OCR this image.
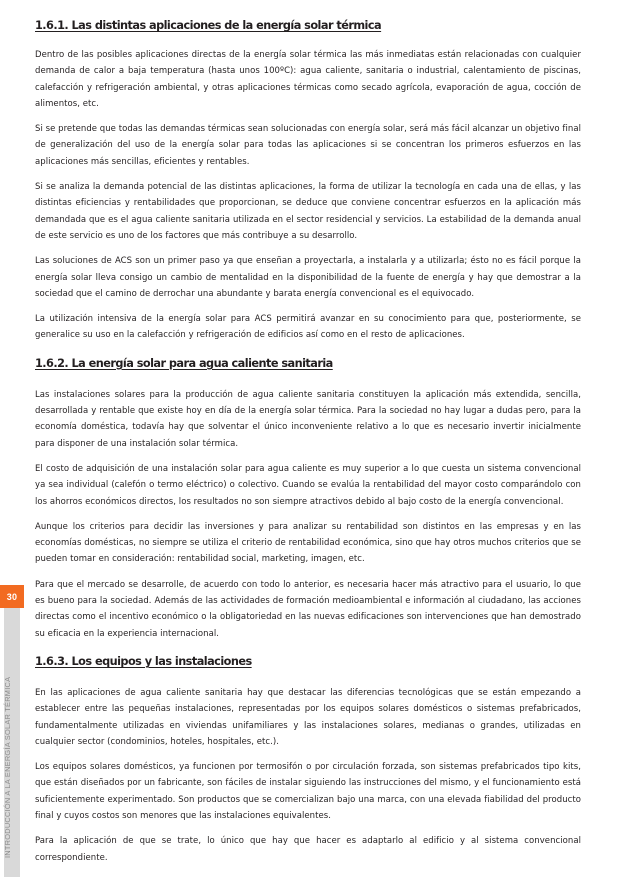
30
INTRODUCCIÓN A LA ENERGÍA SOLAR TÉRMICA
1.6.1. Las distintas aplicaciones de la energía solar térmica

Dentro de las posibles aplicaciones directas de la energía solar térmica las más inmediatas están relacionadas con cualquier demanda de calor a baja temperatura (hasta unos 100ºC): agua caliente, sanitaria o industrial, calentamiento de piscinas, calefacción y refrigeración ambiental, y otras aplicaciones térmicas como secado agrícola, evaporación de agua, cocción de alimentos, etc.

Si se pretende que todas las demandas térmicas sean solucionadas con energía solar, será más fácil alcanzar un objetivo final de generalización del uso de la energía solar para todas las aplicaciones si se concentran los primeros esfuerzos en las aplicaciones más sencillas, eficientes y rentables.

Si se analiza la demanda potencial de las distintas aplicaciones, la forma de utilizar la tecnología en cada una de ellas, y las distintas eficiencias y rentabilidades que proporcionan, se deduce que conviene concentrar esfuerzos en la aplicación más demandada que es el agua caliente sanitaria utilizada en el sector residencial y servicios. La estabilidad de la demanda anual de este servicio es uno de los factores que más contribuye a su desarrollo.

Las soluciones de ACS son un primer paso ya que enseñan a proyectarla, a instalarla y a utilizarla; ésto no es fácil porque la energía solar lleva consigo un cambio de mentalidad en la disponibilidad de la fuente de energía y hay que demostrar a la sociedad que el camino de derrochar una abundante y barata energía convencional es el equivocado.

La utilización intensiva de la energía solar para ACS permitirá avanzar en su conocimiento para que, posteriormente, se generalice su uso en la calefacción y refrigeración de edificios así como en el resto de aplicaciones.

1.6.2. La energía solar para agua caliente sanitaria

Las instalaciones solares para la producción de agua caliente sanitaria constituyen la aplicación más extendida, sencilla, desarrollada y rentable que existe hoy en día de la energía solar térmica. Para la sociedad no hay lugar a dudas pero, para la economía doméstica, todavía hay que solventar el único inconveniente relativo a lo que es necesario invertir inicialmente para disponer de una instalación solar térmica.

El costo de adquisición de una instalación solar para agua caliente es muy superior a lo que cuesta un sistema convencional ya sea individual (calefón o termo eléctrico) o colectivo. Cuando se evalúa la rentabilidad del mayor costo comparándolo con los ahorros económicos directos, los resultados no son siempre atractivos debido al bajo costo de la energía convencional.

Aunque los criterios para decidir las inversiones y para analizar su rentabilidad son distintos en las empresas y en las economías domésticas, no siempre se utiliza el criterio de rentabilidad económica, sino que hay otros muchos criterios que se pueden tomar en consideración: rentabilidad social, marketing, imagen, etc.

Para que el mercado se desarrolle, de acuerdo con todo lo anterior, es necesaria hacer más atractivo para el usuario, lo que es bueno para la sociedad. Además de las actividades de formación medioambiental e información al ciudadano, las acciones directas como el incentivo económico o la obligatoriedad en las nuevas edificaciones son intervenciones que han demostrado su eficacia en la experiencia internacional.

1.6.3. Los equipos y las instalaciones

En las aplicaciones de agua caliente sanitaria hay que destacar las diferencias tecnológicas que se están empezando a establecer entre las pequeñas instalaciones, representadas por los equipos solares domésticos o sistemas prefabricados, fundamentalmente utilizadas en viviendas unifamiliares y las instalaciones solares, medianas o grandes, utilizadas en cualquier sector (condominios, hoteles, hospitales, etc.).

Los equipos solares domésticos, ya funcionen por termosifón o por circulación forzada, son sistemas prefabricados tipo kits, que están diseñados por un fabricante, son fáciles de instalar siguiendo las instrucciones del mismo, y el funcionamiento está suficientemente experimentado. Son productos que se comercializan bajo una marca, con una elevada fiabilidad del producto final y cuyos costos son menores que las instalaciones equivalentes.

Para la aplicación de que se trate, lo único que hay que hacer es adaptarlo al edificio y al sistema convencional correspondiente.
